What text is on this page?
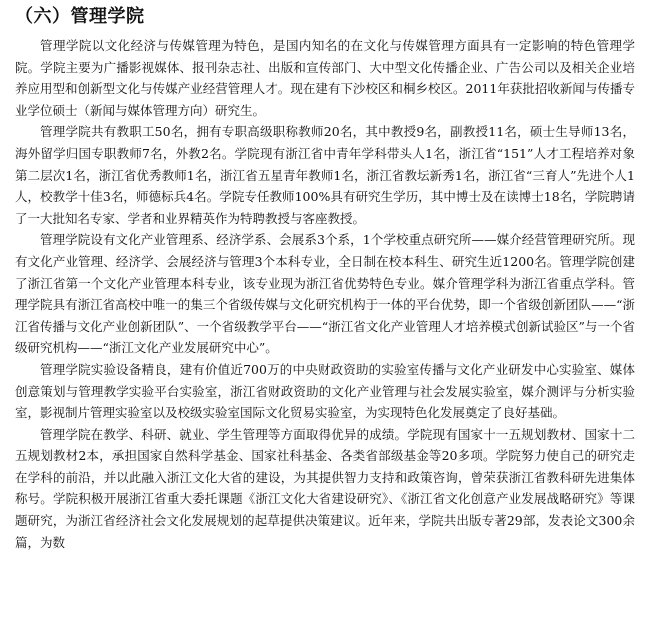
（六）管理学院

管理学院以文化经济与传媒管理为特色，是国内知名的在文化与传媒管理方面具有一定影响的特色管理学院。学院主要为广播影视媒体、报刊杂志社、出版和宣传部门、大中型文化传播企业、广告公司以及相关企业培养应用型和创新型文化与传媒产业经营管理人才。现在建有下沙校区和桐乡校区。2011年获批招收新闻与传播专业学位硕士（新闻与媒体管理方向）研究生。

管理学院共有教职工50名，拥有专职高级职称教师20名，其中教授9名，副教授11名，硕士生导师13名，海外留学归国专职教师7名，外教2名。学院现有浙江省中青年学科带头人1名，浙江省“151”人才工程培养对象第二层次1名，浙江省优秀教师1名，浙江省五星青年教师1名，浙江省教坛新秀1名，浙江省“三育人”先进个人1人，校教学十佳3名，师德标兵4名。学院专任教师100%具有研究生学历，其中博士及在读博士18名，学院聘请了一大批知名专家、学者和业界精英作为特聘教授与客座教授。

管理学院设有文化产业管理系、经济学系、会展系3个系，1个学校重点研究所——媒介经营管理研究所。现有文化产业管理、经济学、会展经济与管理3个本科专业，全日制在校本科生、研究生近1200名。管理学院创建了浙江省第一个文化产业管理本科专业，该专业现为浙江省优势特色专业。媒介管理学科为浙江省重点学科。管理学院具有浙江省高校中唯一的集三个省级传媒与文化研究机构于一体的平台优势，即一个省级创新团队——“浙江省传播与文化产业创新团队”、一个省级教学平台——“浙江省文化产业管理人才培养模式创新试验区”与一个省级研究机构——“浙江文化产业发展研究中心”。

管理学院实验设备精良，建有价值近700万的中央财政资助的实验室传播与文化产业研发中心实验室、媒体创意策划与管理教学实验平台实验室，浙江省财政资助的文化产业管理与社会发展实验室，媒介测评与分析实验室，影视制片管理实验室以及校级实验室国际文化贸易实验室，为实现特色化发展奠定了良好基础。

管理学院在教学、科研、就业、学生管理等方面取得优异的成绩。学院现有国家十一五规划教材、国家十二五规划教材2本，承担国家自然科学基金、国家社科基金、各类省部级基金等20多项。学院努力使自己的研究走在学科的前沿，并以此融入浙江文化大省的建设，为其提供智力支持和政策咨询，曾荣获浙江省教科研先进集体称号。学院积极开展浙江省重大委托课题《浙江文化大省建设研究》、《浙江省文化创意产业发展战略研究》等课题研究，为浙江省经济社会文化发展规划的起草提供决策建议。近年来，学院共出版专著29部，发表论文300余篇，为数
